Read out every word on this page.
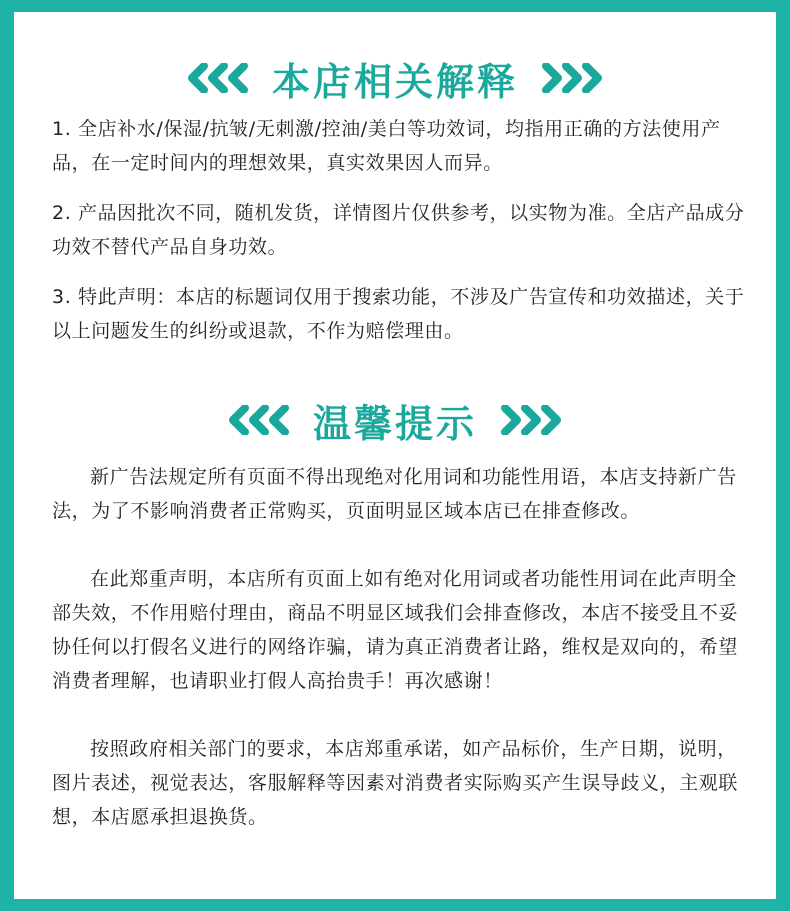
本店相关解释

1. 全店补水/保湿/抗皱/无刺激/控油/美白等功效词，均指用正确的方法使用产品，在一定时间内的理想效果，真实效果因人而异。

2. 产品因批次不同，随机发货，详情图片仅供参考，以实物为准。全店产品成分功效不替代产品自身功效。

3. 特此声明：本店的标题词仅用于搜索功能，不涉及广告宣传和功效描述，关于以上问题发生的纠纷或退款，不作为赔偿理由。

温馨提示

新广告法规定所有页面不得出现绝对化用词和功能性用语，本店支持新广告法，为了不影响消费者正常购买，页面明显区域本店已在排查修改。

在此郑重声明，本店所有页面上如有绝对化用词或者功能性用词在此声明全部失效，不作用赔付理由，商品不明显区域我们会排查修改，本店不接受且不妥协任何以打假名义进行的网络诈骗，请为真正消费者让路，维权是双向的，希望消费者理解，也请职业打假人高抬贵手！再次感谢！

按照政府相关部门的要求，本店郑重承诺，如产品标价，生产日期，说明，图片表述，视觉表达，客服解释等因素对消费者实际购买产生误导歧义，主观联想，本店愿承担退换货。
